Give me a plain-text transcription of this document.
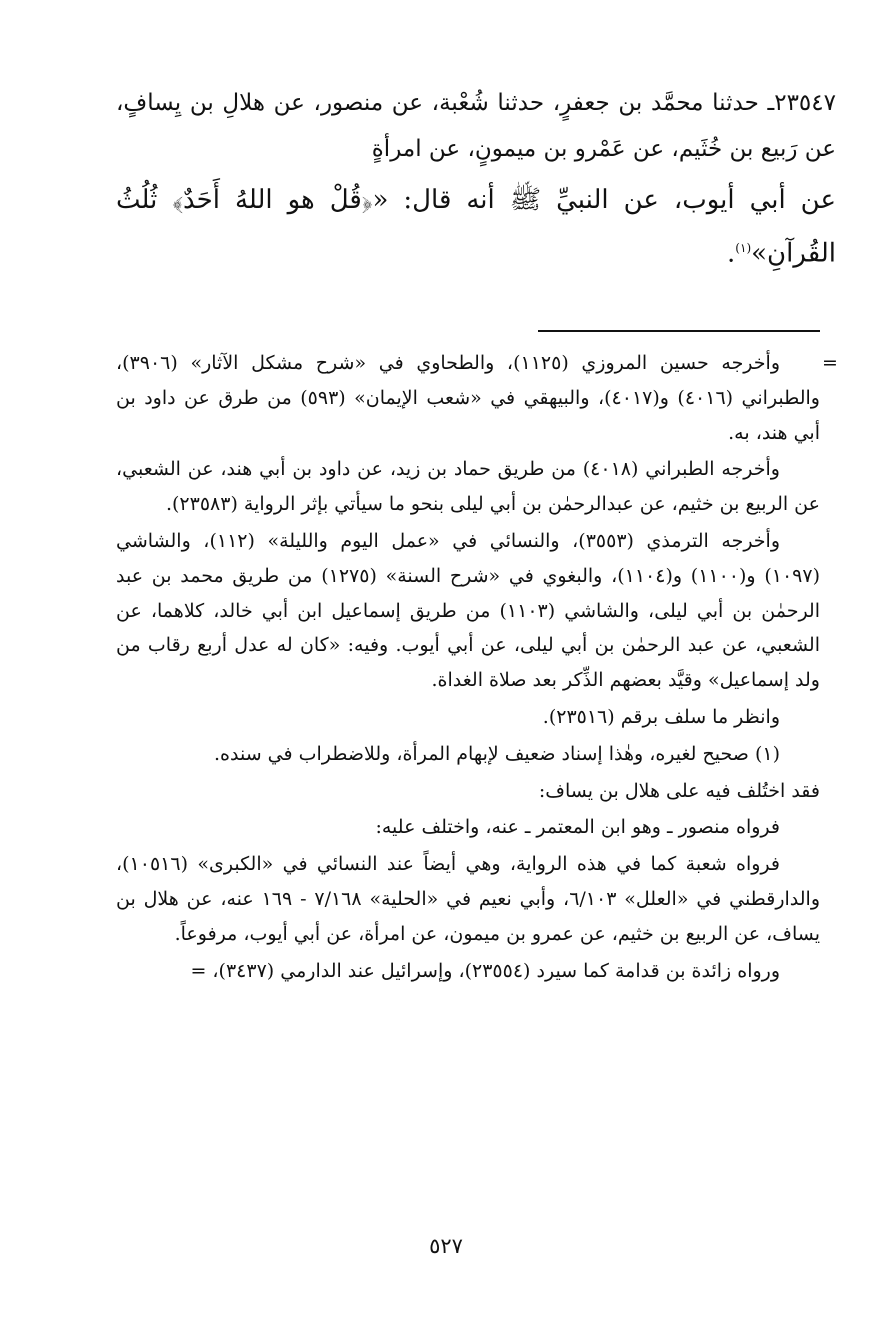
٢٣٥٤٧ـ حدثنا محمَّد بن جعفرٍ، حدثنا شُعْبة، عن منصور، عن هلالِ بن يِسافٍ، عن رَبيع بن خُثَيم، عن عَمْرو بن ميمونٍ، عن امرأةٍ

عن أبي أيوب، عن النبيِّ ﷺ أنه قال: «﴿قُلْ هو اللهُ أَحَدٌ﴾ ثُلُثُ القُرآنِ»$^{(١)}$.

=

وأخرجه حسين المروزي (١١٢٥)، والطحاوي في «شرح مشكل الآثار» (٣٩٠٦)، والطبراني (٤٠١٦) و(٤٠١٧)، والبيهقي في «شعب الإيمان» (٥٩٣) من طرق عن داود بن أبي هند، به.

وأخرجه الطبراني (٤٠١٨) من طريق حماد بن زيد، عن داود بن أبي هند، عن الشعبي، عن الربيع بن خثيم، عن عبدالرحمٰن بن أبي ليلى بنحو ما سيأتي بإثر الرواية (٢٣٥٨٣).

وأخرجه الترمذي (٣٥٥٣)، والنسائي في «عمل اليوم والليلة» (١١٢)، والشاشي (١٠٩٧) و(١١٠٠) و(١١٠٤)، والبغوي في «شرح السنة» (١٢٧٥) من طريق محمد بن عبد الرحمٰن بن أبي ليلى، والشاشي (١١٠٣) من طريق إسماعيل ابن أبي خالد، كلاهما، عن الشعبي، عن عبد الرحمٰن بن أبي ليلى، عن أبي أيوب. وفيه: «كان له عدل أربع رقاب من ولد إسماعيل» وقيَّد بعضهم الذِّكر بعد صلاة الغداة.

وانظر ما سلف برقم (٢٣٥١٦).

(١) صحيح لغيره، وهٰذا إسناد ضعيف لإبهام المرأة، وللاضطراب في سنده.

فقد اختُلف فيه على هلال بن يساف:

فرواه منصور ـ وهو ابن المعتمر ـ عنه، واختلف عليه:

فرواه شعبة كما في هذه الرواية، وهي أيضاً عند النسائي في «الكبرى» (١٠٥١٦)، والدارقطني في «العلل» ٦/١٠٣، وأبي نعيم في «الحلية» ٧/١٦٨ - ١٦٩ عنه، عن هلال بن يساف، عن الربيع بن خثيم، عن عمرو بن ميمون، عن امرأة، عن أبي أيوب، مرفوعاً.

ورواه زائدة بن قدامة كما سيرد (٢٣٥٥٤)، وإسرائيل عند الدارمي (٣٤٣٧)، =

٥٢٧
